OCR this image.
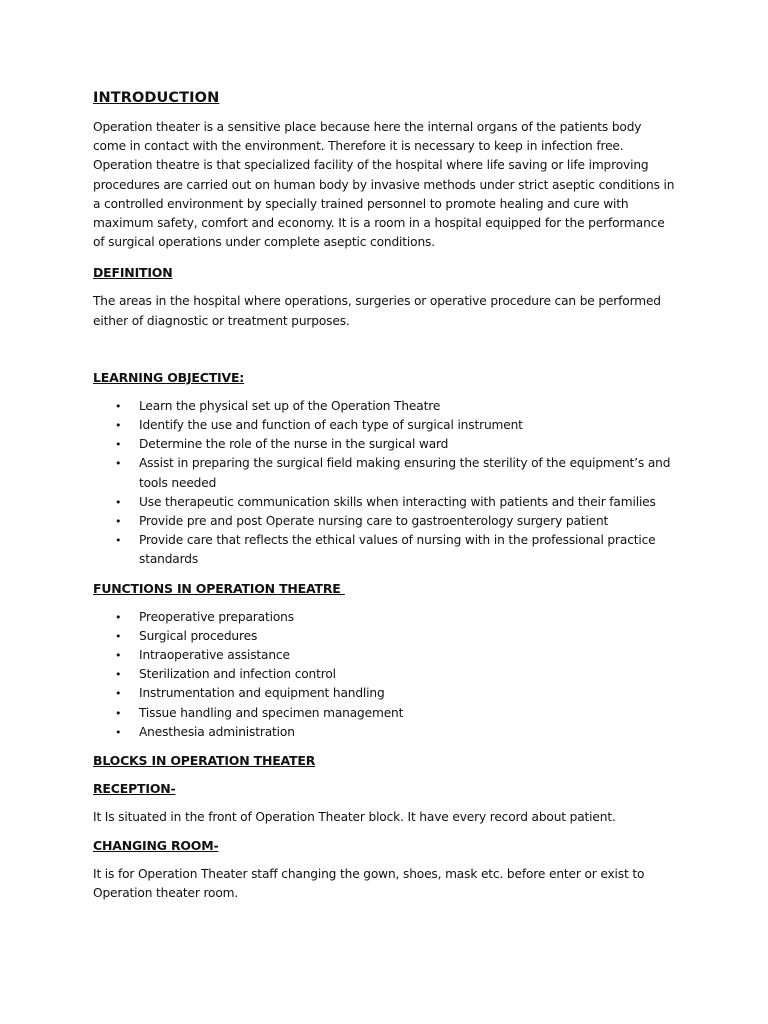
INTRODUCTION

Operation theater is a sensitive place because here the internal organs of the patients body come in contact with the environment. Therefore it is necessary to keep in infection free. Operation theatre is that specialized facility of the hospital where life saving or life improving procedures are carried out on human body by invasive methods under strict aseptic conditions in a controlled environment by specially trained personnel to promote healing and cure with maximum safety, comfort and economy. It is a room in a hospital equipped for the performance of surgical operations under complete aseptic conditions.

DEFINITION

The areas in the hospital where operations, surgeries or operative procedure can be performed either of diagnostic or treatment purposes.

LEARNING OBJECTIVE:
• Learn the physical set up of the Operation Theatre
• Identify the use and function of each type of surgical instrument
• Determine the role of the nurse in the surgical ward
• Assist in preparing the surgical field making ensuring the sterility of the equipment’s and tools needed
• Use therapeutic communication skills when interacting with patients and their families
• Provide pre and post Operate nursing care to gastroenterology surgery patient
• Provide care that reflects the ethical values of nursing with in the professional practice standards
FUNCTIONS IN OPERATION THEATRE
• Preoperative preparations
• Surgical procedures
• Intraoperative assistance
• Sterilization and infection control
• Instrumentation and equipment handling
• Tissue handling and specimen management
• Anesthesia administration
BLOCKS IN OPERATION THEATER
RECEPTION-

It Is situated in the front of Operation Theater block. It have every record about patient.

CHANGING ROOM-

It is for Operation Theater staff changing the gown, shoes, mask etc. before enter or exist to Operation theater room.
